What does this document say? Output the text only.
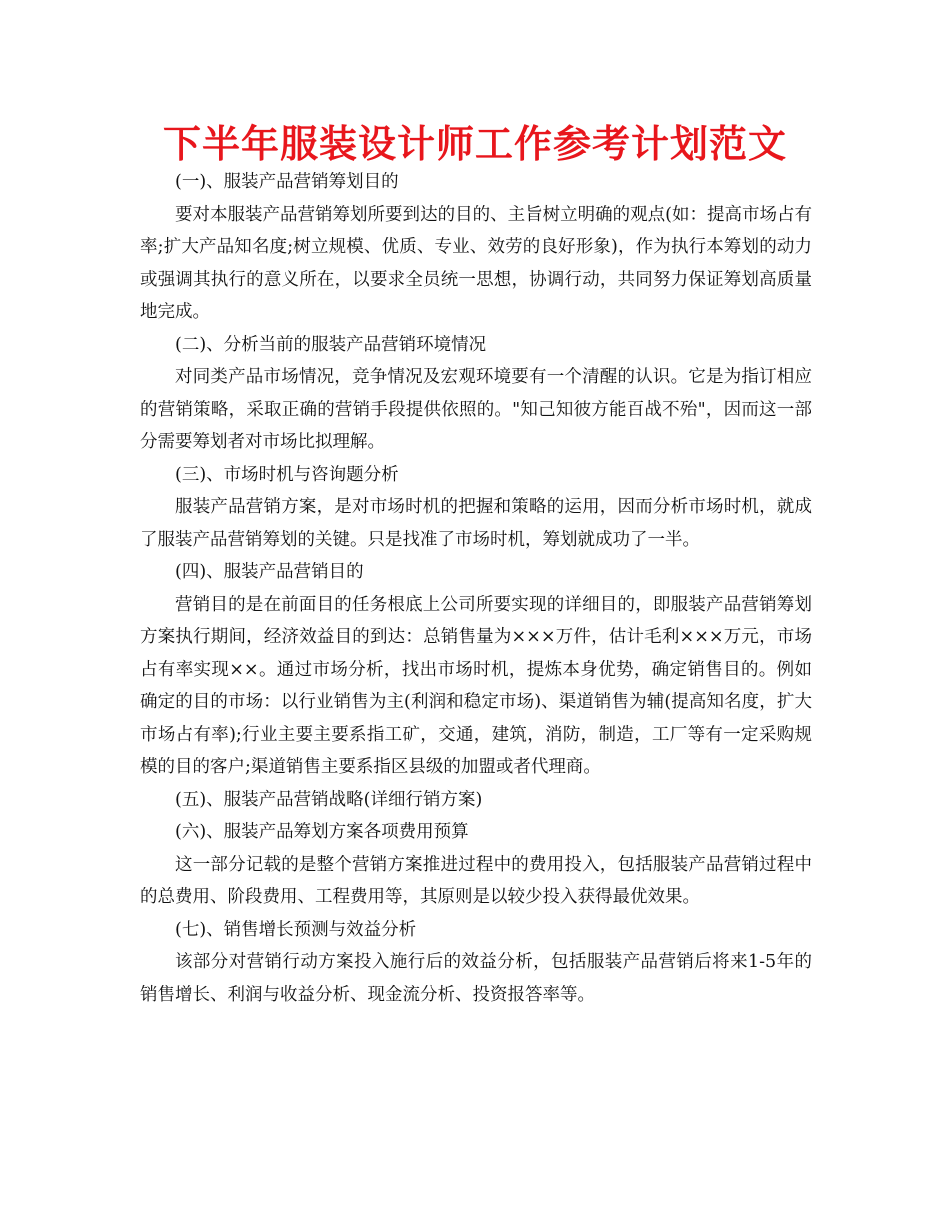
下半年服装设计师工作参考计划范文

(一)、服装产品营销筹划目的

要对本服装产品营销筹划所要到达的目的、主旨树立明确的观点(如：提高市场占有率;扩大产品知名度;树立规模、优质、专业、效劳的良好形象)，作为执行本筹划的动力或强调其执行的意义所在，以要求全员统一思想，协调行动，共同努力保证筹划高质量地完成。

(二)、分析当前的服装产品营销环境情况

对同类产品市场情况，竞争情况及宏观环境要有一个清醒的认识。它是为指订相应的营销策略，采取正确的营销手段提供依照的。"知己知彼方能百战不殆"，因而这一部分需要筹划者对市场比拟理解。

(三)、市场时机与咨询题分析

服装产品营销方案，是对市场时机的把握和策略的运用，因而分析市场时机，就成了服装产品营销筹划的关键。只是找准了市场时机，筹划就成功了一半。

(四)、服装产品营销目的

营销目的是在前面目的任务根底上公司所要实现的详细目的，即服装产品营销筹划方案执行期间，经济效益目的到达：总销售量为×××万件，估计毛利×××万元，市场占有率实现××。通过市场分析，找出市场时机，提炼本身优势，确定销售目的。例如确定的目的市场：以行业销售为主(利润和稳定市场)、渠道销售为辅(提高知名度，扩大市场占有率);行业主要主要系指工矿，交通，建筑，消防，制造，工厂等有一定采购规模的目的客户;渠道销售主要系指区县级的加盟或者代理商。

(五)、服装产品营销战略(详细行销方案)

(六)、服装产品筹划方案各项费用预算

这一部分记载的是整个营销方案推进过程中的费用投入，包括服装产品营销过程中的总费用、阶段费用、工程费用等，其原则是以较少投入获得最优效果。

(七)、销售增长预测与效益分析

该部分对营销行动方案投入施行后的效益分析，包括服装产品营销后将来1-5年的销售增长、利润与收益分析、现金流分析、投资报答率等。
